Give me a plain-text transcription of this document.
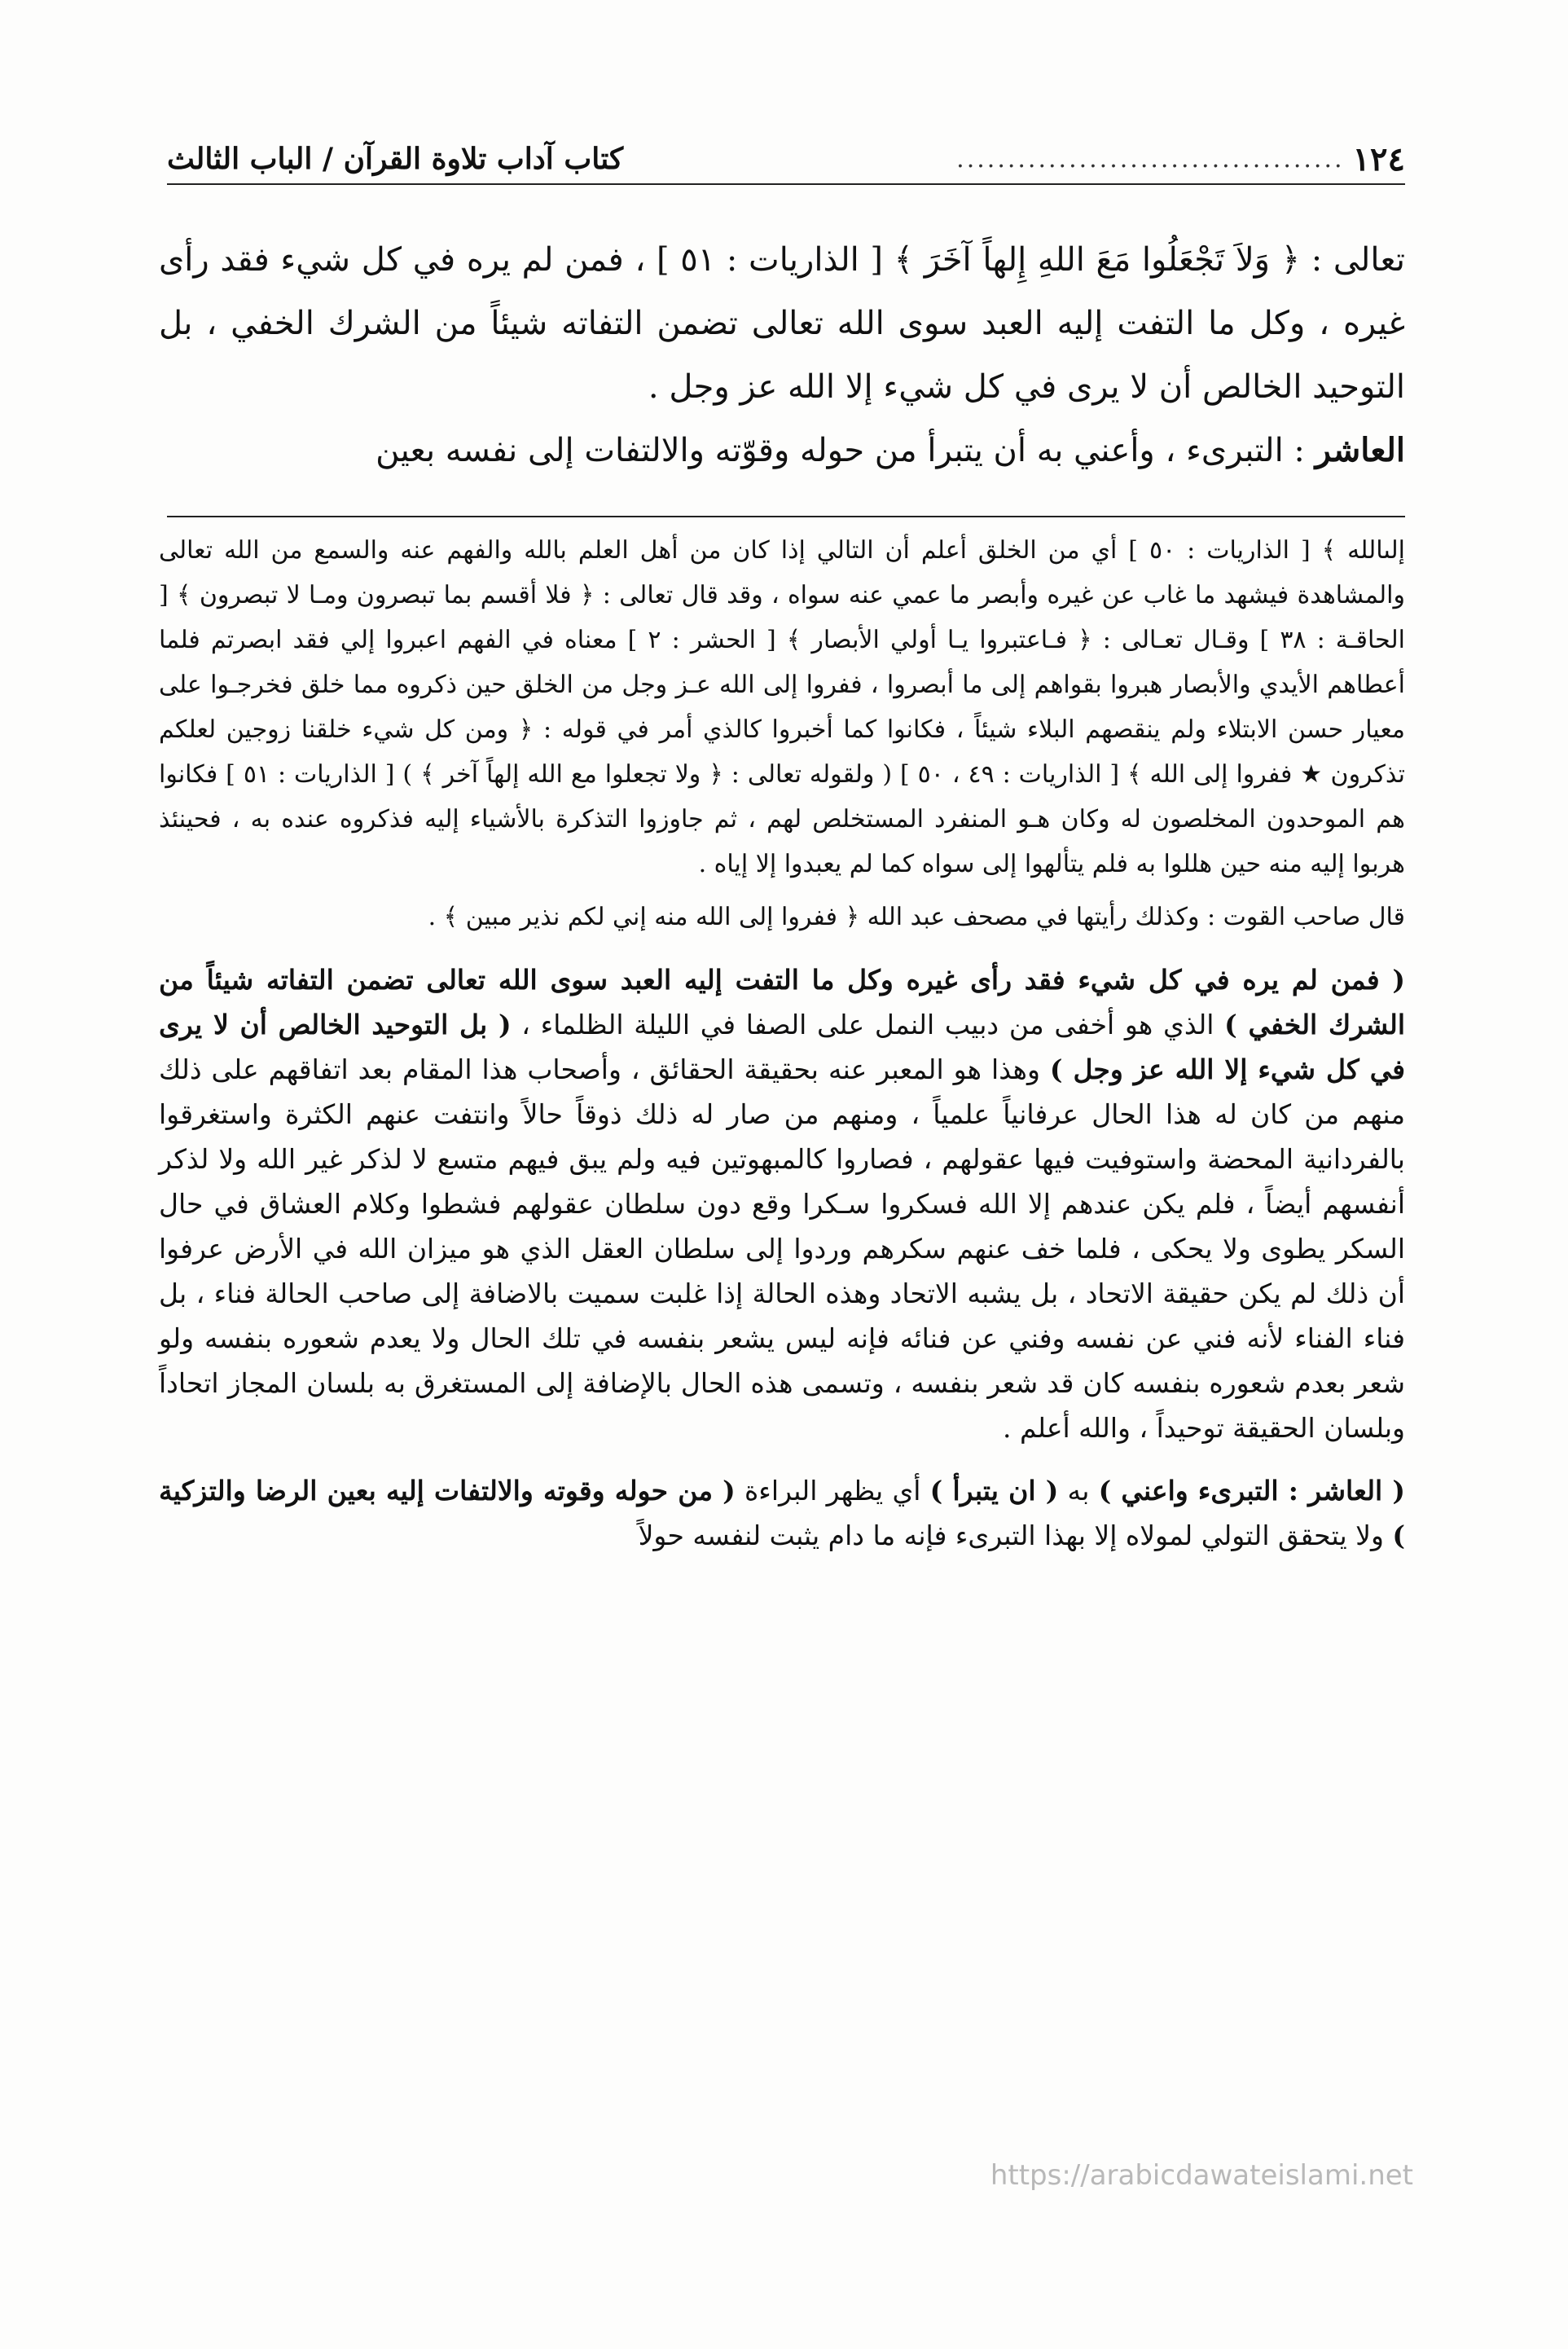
١٢٤
......................................
كتاب آداب تلاوة القرآن / الباب الثالث

تعالى : ﴿ وَلاَ تَجْعَلُوا مَعَ اللهِ إِلهاً آخَرَ ﴾ [ الذاريات : ٥١ ] ، فمن لم يره في كل شيء فقد رأى غيره ، وكل ما التفت إليه العبد سوى الله تعالى تضمن التفاته شيئاً من الشرك الخفي ، بل التوحيد الخالص أن لا يرى في كل شيء إلا الله عز وجل .

العاشر : التبرىء ، وأعني به أن يتبرأ من حوله وقوّته والالتفات إلى نفسه بعين

إلىالله ﴾ [ الذاريات : ٥٠ ] أي من الخلق أعلم أن التالي إذا كان من أهل العلم بالله والفهم عنه والسمع من الله تعالى والمشاهدة فيشهد ما غاب عن غيره وأبصر ما عمي عنه سواه ، وقد قال تعالى : ﴿ فلا أقسم بما تبصرون ومـا لا تبصرون ﴾ [ الحاقـة : ٣٨ ] وقـال تعـالى : ﴿ فـاعتبروا يـا أولي الأبصار ﴾ [ الحشر : ٢ ] معناه في الفهم اعبروا إلي فقد ابصرتم فلما أعطاهم الأيدي والأبصار هبروا بقواهم إلى ما أبصروا ، ففروا إلى الله عـز وجل من الخلق حين ذكروه مما خلق فخرجـوا على معيار حسن الابتلاء ولم ينقصهم البلاء شيئاً ، فكانوا كما أخبروا كالذي أمر في قوله : ﴿ ومن كل شيء خلقنا زوجين لعلكم تذكرون ★ ففروا إلى الله ﴾ [ الذاريات : ٤٩ ، ٥٠ ] ( ولقوله تعالى : ﴿ ولا تجعلوا مع الله إلهاً آخر ﴾ ) [ الذاريات : ٥١ ] فكانوا هم الموحدون المخلصون له وكان هـو المنفرد المستخلص لهم ، ثم جاوزوا التذكرة بالأشياء إليه فذكروه عنده به ، فحينئذ هربوا إليه منه حين هللوا به فلم يتألهوا إلى سواه كما لم يعبدوا إلا إياه .

قال صاحب القوت : وكذلك رأيتها في مصحف عبد الله ﴿ ففروا إلى الله منه إني لكم نذير مبين ﴾ .

( فمن لم يره في كل شيء فقد رأى غيره وكل ما التفت إليه العبد سوى الله تعالى تضمن التفاته شيئاً من الشرك الخفي ) الذي هو أخفى من دبيب النمل على الصفا في الليلة الظلماء ، ( بل التوحيد الخالص أن لا يرى في كل شيء إلا الله عز وجل ) وهذا هو المعبر عنه بحقيقة الحقائق ، وأصحاب هذا المقام بعد اتفاقهم على ذلك منهم من كان له هذا الحال عرفانياً علمياً ، ومنهم من صار له ذلك ذوقاً حالاً وانتفت عنهم الكثرة واستغرقوا بالفردانية المحضة واستوفيت فيها عقولهم ، فصاروا كالمبهوتين فيه ولم يبق فيهم متسع لا لذكر غير الله ولا لذكر أنفسهم أيضاً ، فلم يكن عندهم إلا الله فسكروا سـكرا وقع دون سلطان عقولهم فشطوا وكلام العشاق في حال السكر يطوى ولا يحكى ، فلما خف عنهم سكرهم وردوا إلى سلطان العقل الذي هو ميزان الله في الأرض عرفوا أن ذلك لم يكن حقيقة الاتحاد ، بل يشبه الاتحاد وهذه الحالة إذا غلبت سميت بالاضافة إلى صاحب الحالة فناء ، بل فناء الفناء لأنه فني عن نفسه وفني عن فنائه فإنه ليس يشعر بنفسه في تلك الحال ولا يعدم شعوره بنفسه ولو شعر بعدم شعوره بنفسه كان قد شعر بنفسه ، وتسمى هذه الحال بالإضافة إلى المستغرق به بلسان المجاز اتحاداً وبلسان الحقيقة توحيداً ، والله أعلم .

( العاشر : التبرىء واعني ) به ( ان يتبرأ ) أي يظهر البراءة ( من حوله وقوته والالتفات إليه بعين الرضا والتزكية ) ولا يتحقق التولي لمولاه إلا بهذا التبرىء فإنه ما دام يثبت لنفسه حولاً

https://arabicdawateislami.net
